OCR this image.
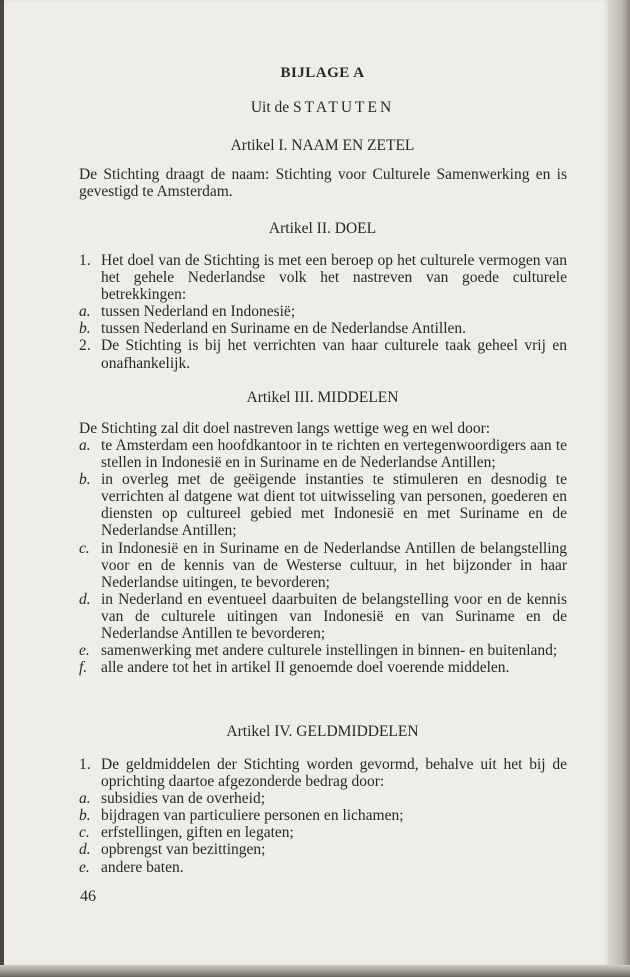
BIJLAGE A
Uit de STATUTEN
Artikel I. NAAM EN ZETEL
De Stichting draagt de naam: Stichting voor Culturele Samenwerking en is gevestigd te Amsterdam.
Artikel II. DOEL
1. Het doel van de Stichting is met een beroep op het culturele vermogen van het gehele Nederlandse volk het nastreven van goede culturele betrekkingen:
a. tussen Nederland en Indonesië;
b. tussen Nederland en Suriname en de Nederlandse Antillen.
2. De Stichting is bij het verrichten van haar culturele taak geheel vrij en onafhankelijk.
Artikel III. MIDDELEN
De Stichting zal dit doel nastreven langs wettige weg en wel door:
a. te Amsterdam een hoofdkantoor in te richten en vertegenwoordigers aan te stellen in Indonesië en in Suriname en de Nederlandse Antillen;
b. in overleg met de geëigende instanties te stimuleren en desnodig te verrichten al datgene wat dient tot uitwisseling van personen, goederen en diensten op cultureel gebied met Indonesië en met Suriname en de Nederlandse Antillen;
c. in Indonesië en in Suriname en de Nederlandse Antillen de belangstelling voor en de kennis van de Westerse cultuur, in het bijzonder in haar Nederlandse uitingen, te bevorderen;
d. in Nederland en eventueel daarbuiten de belangstelling voor en de kennis van de culturele uitingen van Indonesië en van Suriname en de Nederlandse Antillen te bevorderen;
e. samenwerking met andere culturele instellingen in binnen- en buitenland;
f. alle andere tot het in artikel II genoemde doel voerende middelen.
Artikel IV. GELDMIDDELEN
1. De geldmiddelen der Stichting worden gevormd, behalve uit het bij de oprichting daartoe afgezonderde bedrag door:
a. subsidies van de overheid;
b. bijdragen van particuliere personen en lichamen;
c. erfstellingen, giften en legaten;
d. opbrengst van bezittingen;
e. andere baten.
46
